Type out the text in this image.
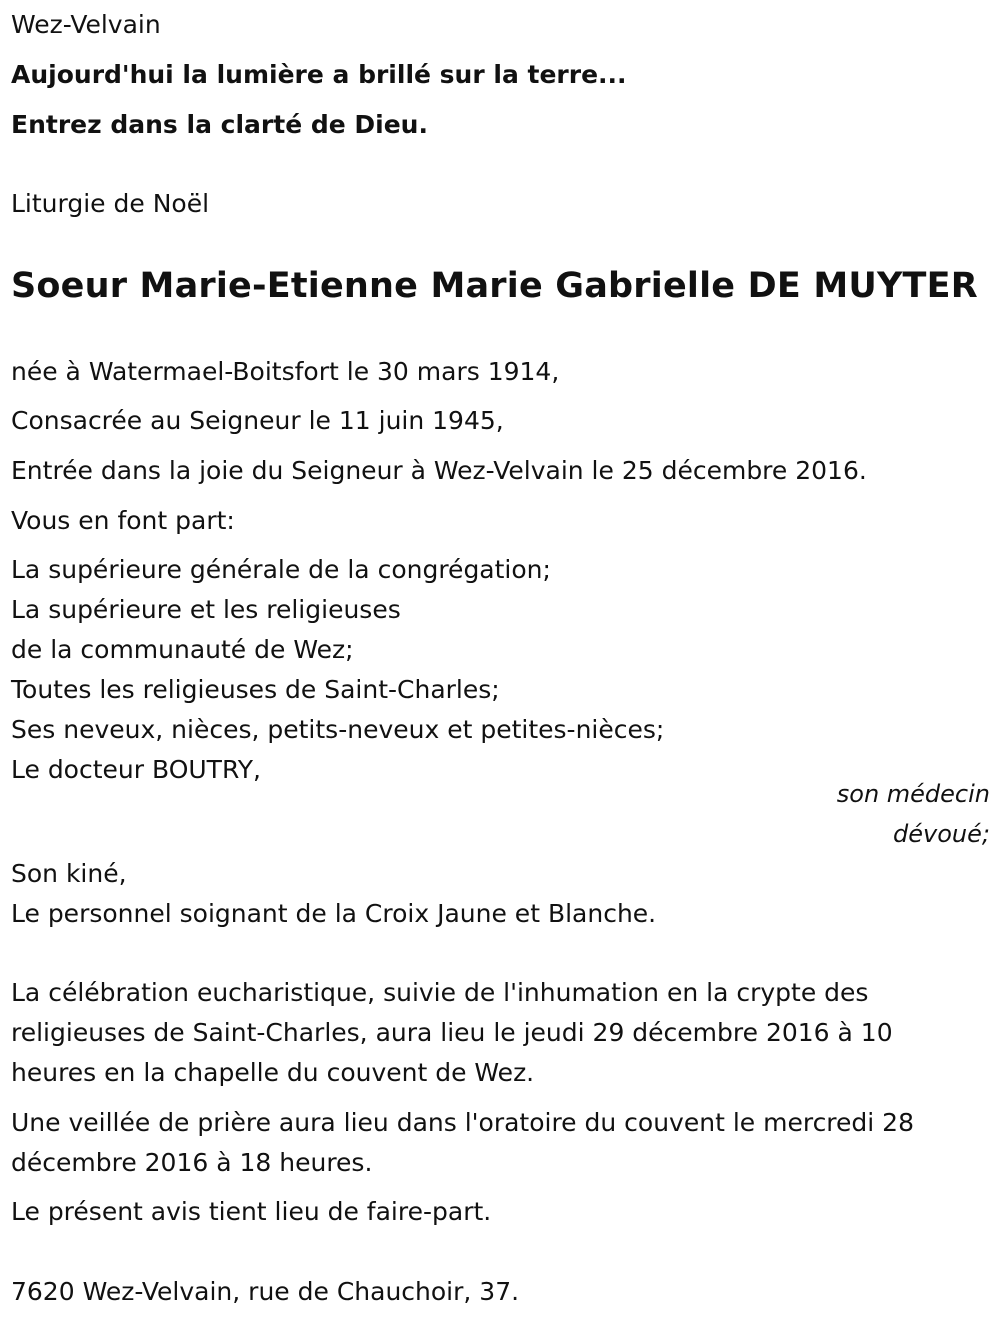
Wez-Velvain
Aujourd'hui la lumière a brillé sur la terre...
Entrez dans la clarté de Dieu.
Liturgie de Noël
Soeur Marie-Etienne Marie Gabrielle DE MUYTER
née à Watermael-Boitsfort le 30 mars 1914,
Consacrée au Seigneur le 11 juin 1945,
Entrée dans la joie du Seigneur à Wez-Velvain le 25 décembre 2016.
Vous en font part:
La supérieure générale de la congrégation;
La supérieure et les religieuses
de la communauté de Wez;
Toutes les religieuses de Saint-Charles;
Ses neveux, nièces, petits-neveux et petites-nièces;
Le docteur BOUTRY,
son médecin
dévoué;
Son kiné,
Le personnel soignant de la Croix Jaune et Blanche.
La célébration eucharistique, suivie de l'inhumation en la crypte des
religieuses de Saint-Charles, aura lieu le jeudi 29 décembre 2016 à 10
heures en la chapelle du couvent de Wez.
Une veillée de prière aura lieu dans l'oratoire du couvent le mercredi 28
décembre 2016 à 18 heures.
Le présent avis tient lieu de faire-part.
7620 Wez-Velvain, rue de Chauchoir, 37.
